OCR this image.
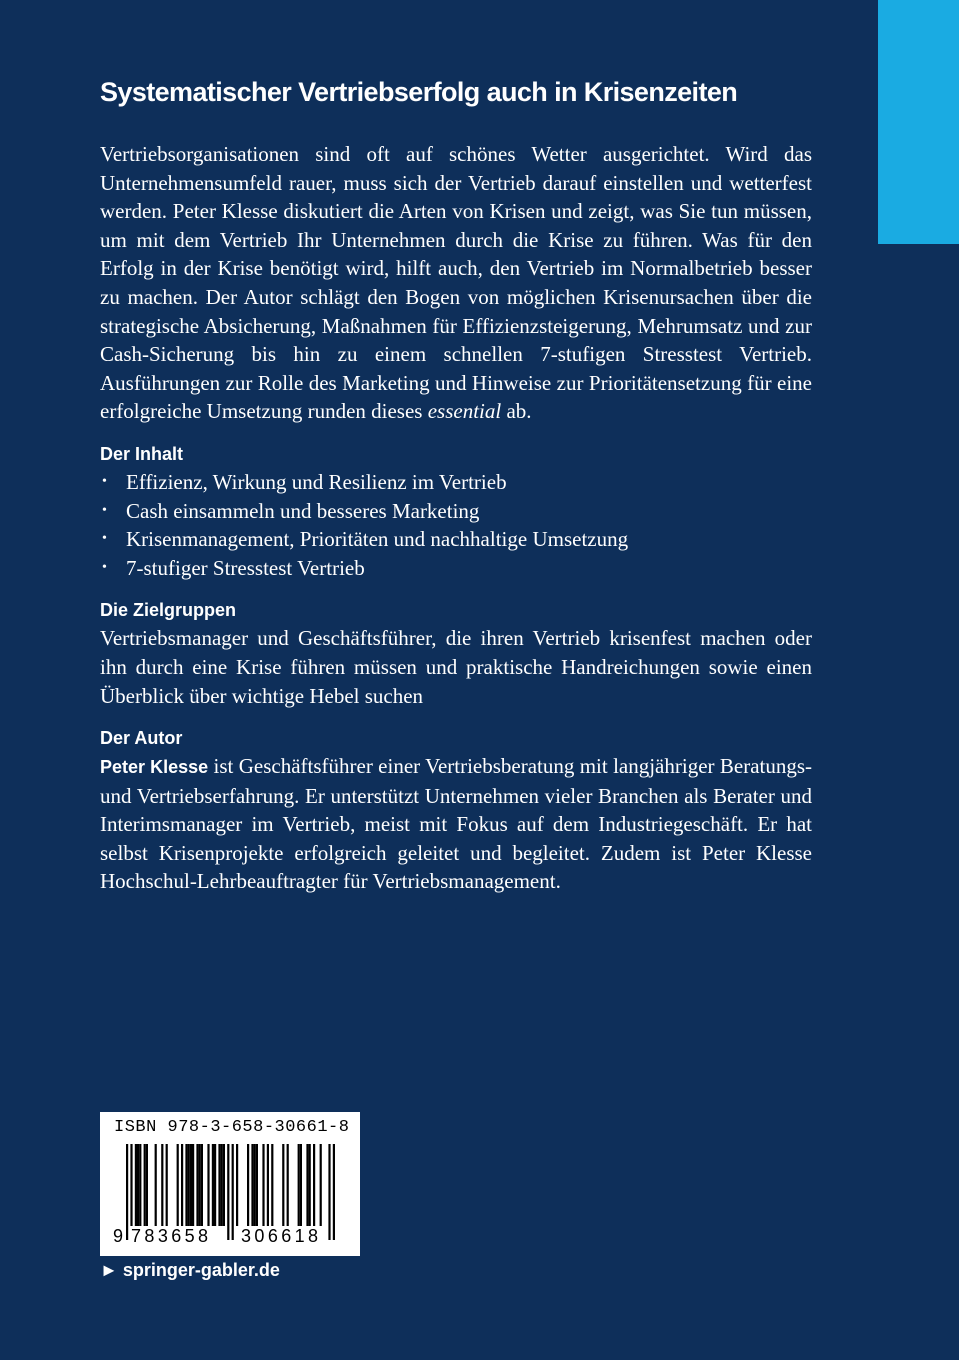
Systematischer Vertriebserfolg auch in Krisenzeiten

Vertriebsorganisationen sind oft auf schönes Wetter ausgerichtet. Wird das Unternehmensumfeld rauer, muss sich der Vertrieb darauf einstellen und wetterfest werden. Peter Klesse diskutiert die Arten von Krisen und zeigt, was Sie tun müssen, um mit dem Vertrieb Ihr Unternehmen durch die Krise zu führen. Was für den Erfolg in der Krise benötigt wird, hilft auch, den Vertrieb im Normalbetrieb besser zu machen. Der Autor schlägt den Bogen von möglichen Krisenursachen über die strategische Absicherung, Maßnahmen für Effizienzsteigerung, Mehrumsatz und zur Cash-Sicherung bis hin zu einem schnellen 7-stufigen Stresstest Vertrieb. Ausführungen zur Rolle des Marketing und Hinweise zur Prioritätensetzung für eine erfolgreiche Umsetzung runden dieses essential ab.

Der Inhalt
• Effizienz, Wirkung und Resilienz im Vertrieb
• Cash einsammeln und besseres Marketing
• Krisenmanagement, Prioritäten und nachhaltige Umsetzung
• 7-stufiger Stresstest Vertrieb
Die Zielgruppen

Vertriebsmanager und Geschäftsführer, die ihren Vertrieb krisenfest machen oder ihn durch eine Krise führen müssen und praktische Handreichungen sowie einen Überblick über wichtige Hebel suchen

Der Autor

Peter Klesse ist Geschäftsführer einer Vertriebsberatung mit langjähriger Beratungs- und Vertriebserfahrung. Er unterstützt Unternehmen vieler Branchen als Berater und Interimsmanager im Vertrieb, meist mit Fokus auf dem Industriegeschäft. Er hat selbst Krisenprojekte erfolgreich geleitet und begleitet. Zudem ist Peter Klesse Hochschul-Lehrbeauftragter für Vertriebsmanagement.

ISBN 978-3-658-30661-8
9 783658 306618
► springer-gabler.de
